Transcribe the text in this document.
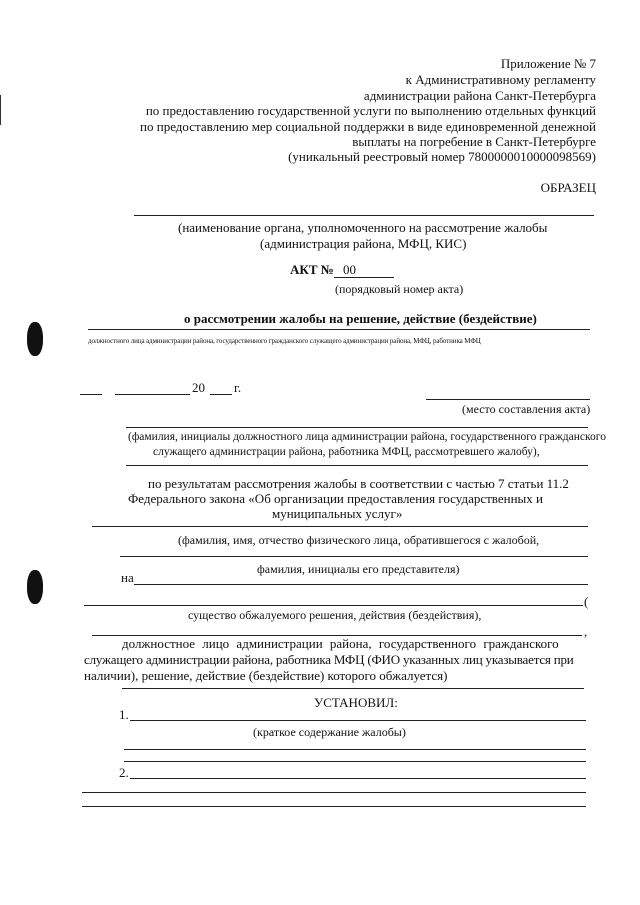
Приложение № 7
к Административному регламенту
администрации района Санкт-Петербурга
по предоставлению государственной услуги по выполнению отдельных функций
по предоставлению мер социальной поддержки в виде единовременной денежной
выплаты на погребение в Санкт-Петербурге
(уникальный реестровый номер 7800000010000098569)
ОБРАЗЕЦ
(наименование органа, уполномоченного на рассмотрение жалобы
(администрация района, МФЦ, КИС)
АКТ № 00
(порядковый номер акта)
о рассмотрении жалобы на решение, действие (бездействие)
должностного лица администрации района, государственного гражданского служащего администрации района, МФЦ, работника МФЦ
20 г.
(место составления акта)
(фамилия, инициалы должностного лица администрации района, государственного гражданского
служащего администрации района, работника МФЦ, рассмотревшего жалобу),
по результатам рассмотрения жалобы в соответствии с частью 7 статьи 11.2
Федерального закона «Об организации предоставления государственных и
муниципальных услуг»
(фамилия, имя, отчество физического лица, обратившегося с жалобой,
фамилия, инициалы его представителя)
на
(
существо обжалуемого решения, действия (бездействия),
,
должностное лицо администрации района, государственного гражданского
служащего администрации района, работника МФЦ (ФИО указанных лиц указывается при
наличии), решение, действие (бездействие) которого обжалуется)
УСТАНОВИЛ:
1.
(краткое содержание жалобы)
2.
